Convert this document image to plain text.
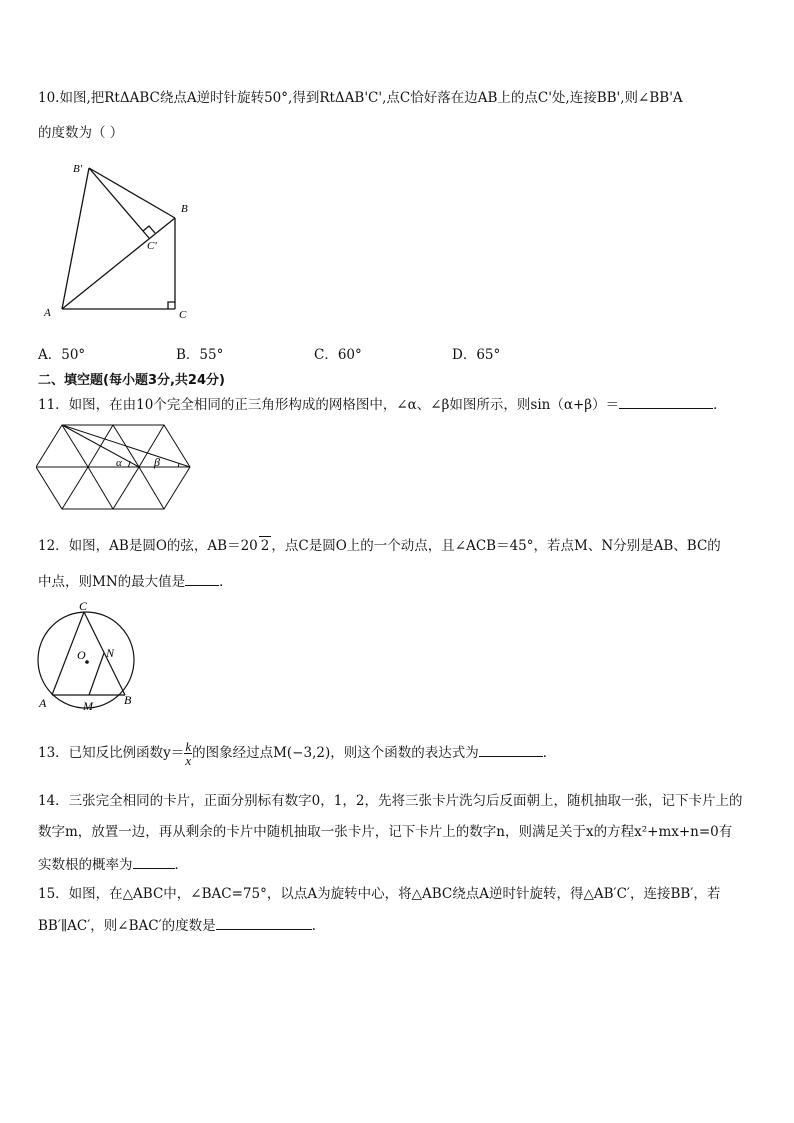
10.如图,把RtΔABC绕点A逆时针旋转50°,得到RtΔAB'C',点C恰好落在边AB上的点C'处,连接BB',则∠BB'A
的度数为（ ）
B'
B
C'
A	C
A．50°	B．55°	C．60°	D．65°
二、填空题(每小题3分,共24分)
11．如图，在由10个完全相同的正三角形构成的网格图中，∠α、∠β如图所示，则sin（α+β）＝	．
α	β
12．如图，AB是圆O的弦，AB＝20 2 ，点C是圆O上的一个动点，且∠ACB＝45°，若点M、N分别是AB、BC的
中点，则MN的最大值是	．
C
O N
A	M	B
13．已知反比例函数$y= \frac{k}{x}$ 的图象经过点M(−3,2)，则这个函数的表达式为	．
14．三张完全相同的卡片，正面分别标有数字0，1，2，先将三张卡片洗匀后反面朝上，随机抽取一张，记下卡片上的
数字m，放置一边，再从剩余的卡片中随机抽取一张卡片，记下卡片上的数字n，则满足关于x的方程x²+mx+n=0有
实数根的概率为	．
15．如图，在△ABC中，∠BAC=75°，以点A为旋转中心，将△ABC绕点A逆时针旋转，得△AB′C′，连接BB′，若
BB′∥AC′，则∠BAC′的度数是	.
